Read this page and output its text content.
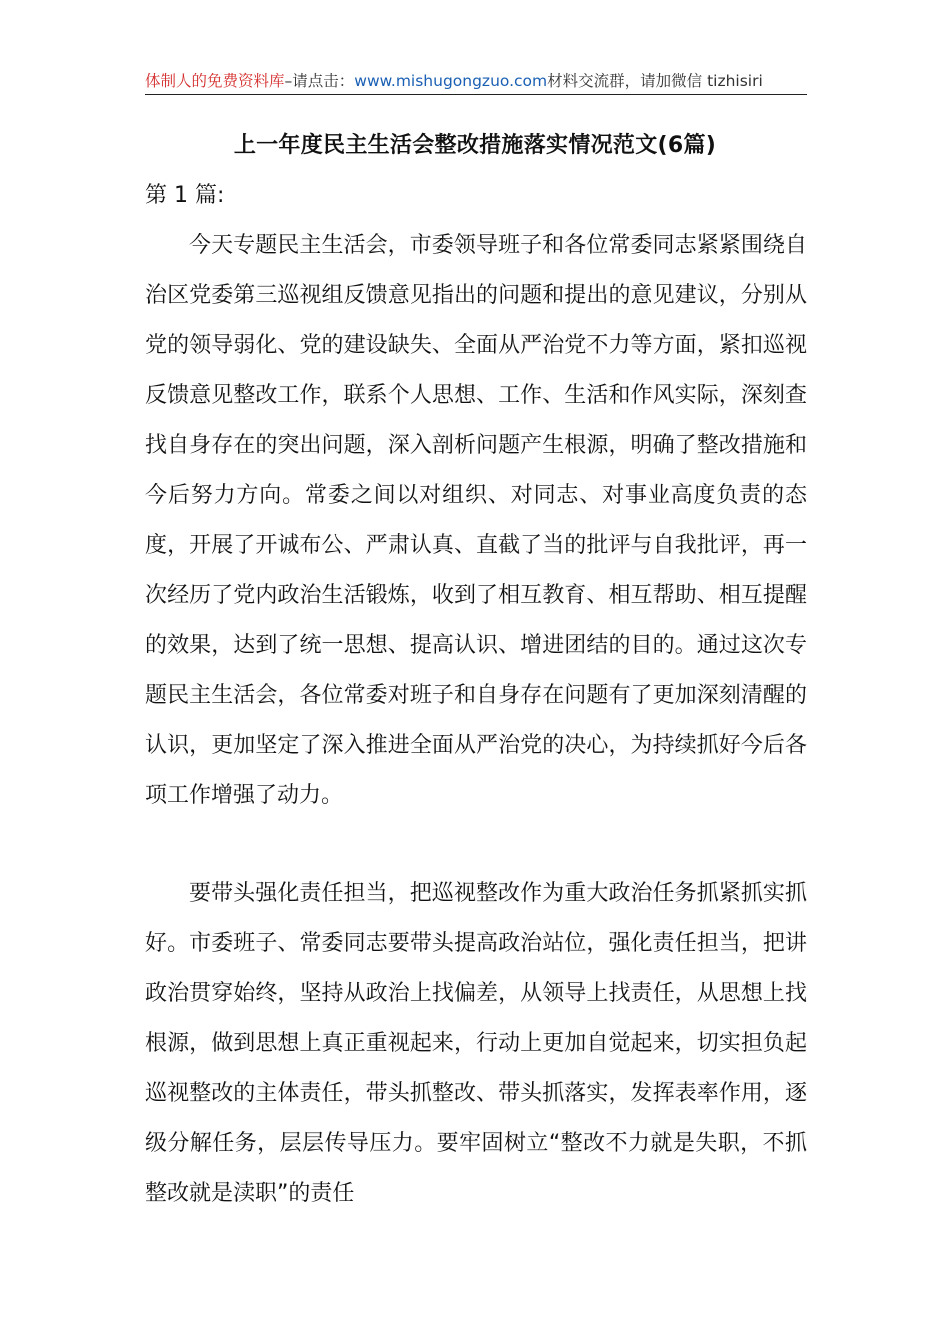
体制人的免费资料库–请点击：www.mishugongzuo.com材料交流群，请加微信 tizhisiri
上一年度民主生活会整改措施落实情况范文(6篇)
第 1 篇:

今天专题民主生活会，市委领导班子和各位常委同志紧紧围绕自治区党委第三巡视组反馈意见指出的问题和提出的意见建议，分别从党的领导弱化、党的建设缺失、全面从严治党不力等方面，紧扣巡视反馈意见整改工作，联系个人思想、工作、生活和作风实际，深刻查找自身存在的突出问题，深入剖析问题产生根源，明确了整改措施和今后努力方向。常委之间以对组织、对同志、对事业高度负责的态度，开展了开诚布公、严肃认真、直截了当的批评与自我批评，再一次经历了党内政治生活锻炼，收到了相互教育、相互帮助、相互提醒的效果，达到了统一思想、提高认识、增进团结的目的。通过这次专题民主生活会，各位常委对班子和自身存在问题有了更加深刻清醒的认识，更加坚定了深入推进全面从严治党的决心，为持续抓好今后各项工作增强了动力。

要带头强化责任担当，把巡视整改作为重大政治任务抓紧抓实抓好。市委班子、常委同志要带头提高政治站位，强化责任担当，把讲政治贯穿始终，坚持从政治上找偏差，从领导上找责任，从思想上找根源，做到思想上真正重视起来，行动上更加自觉起来，切实担负起巡视整改的主体责任，带头抓整改、带头抓落实，发挥表率作用，逐级分解任务，层层传导压力。要牢固树立“整改不力就是失职，不抓整改就是渎职”的责任
